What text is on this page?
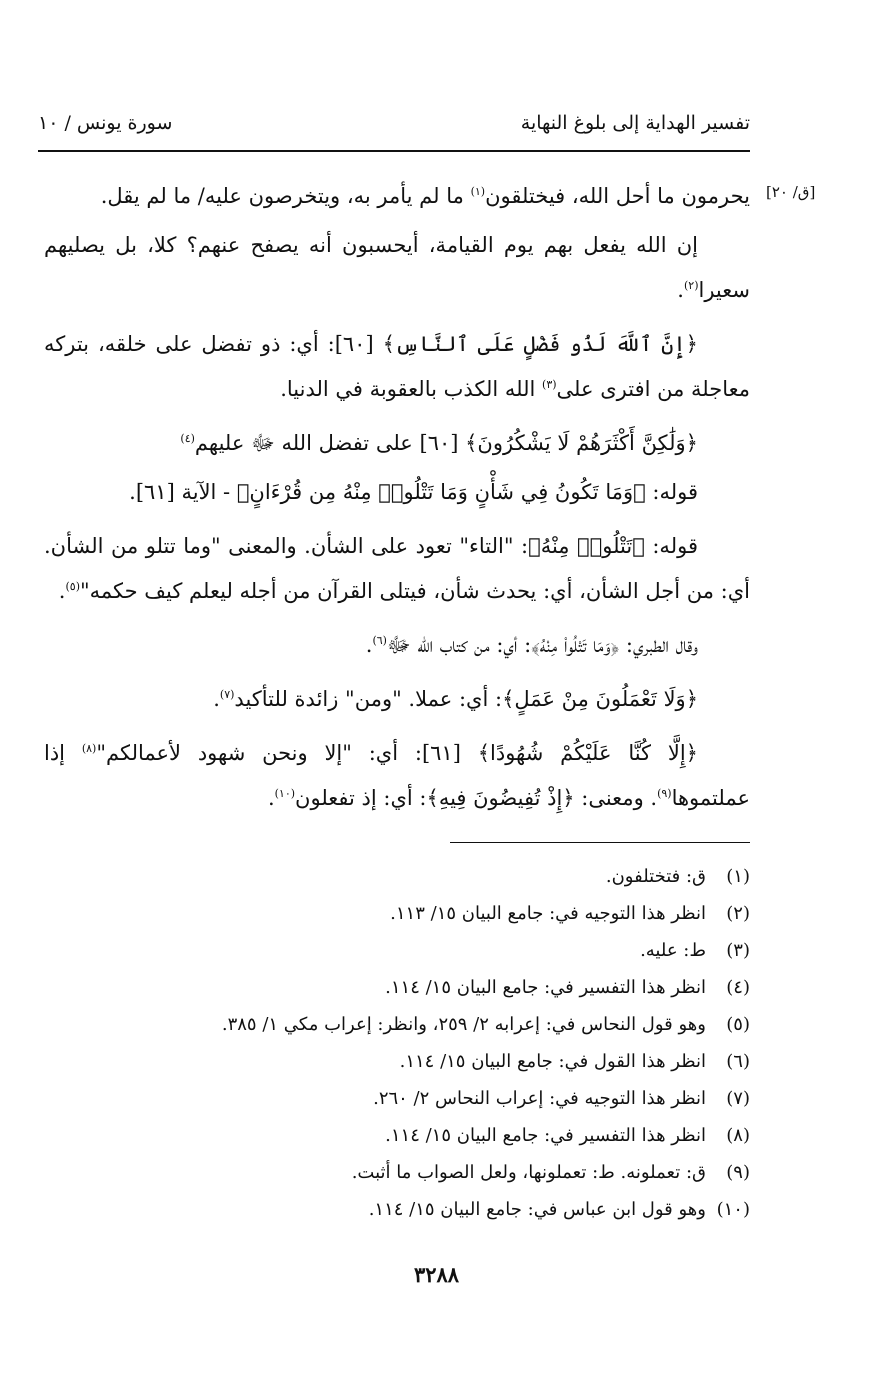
تفسير الهداية إلى بلوغ النهاية
سورة يونس / ١٠
[ق/ ٢٠]

يحرمون ما أحل الله، فيختلقون$^{(١)}$ ما لم يأمر به، ويتخرصون عليه/ ما لم يقل.

إن الله يفعل بهم يوم القيامة، أيحسبون أنه يصفح عنهم؟ كلا، بل يصليهم سعيرا$^{(٢)}$.

﴿إِنَّ ٱللَّهَ لَذُو فَضْلٍ عَلَى ٱلنَّاسِ﴾ [٦٠]: أي: ذو تفضل على خلقه، بتركه معاجلة من افترى على$^{(٣)}$ الله الكذب بالعقوبة في الدنيا.

﴿وَلَٰكِنَّ أَكْثَرَهُمْ لَا يَشْكُرُونَ﴾ [٦٠] على تفضل الله ﷻ عليهم$^{(٤)}$

قوله: ﴿وَمَا تَكُونُ فِي شَأْنٍ وَمَا تَتْلُوا۟ مِنْهُ مِن قُرْءَانٍ﴾ - الآية [٦١].

قوله: ﴿تَتْلُوا۟ مِنْهُ﴾: "التاء" تعود على الشأن. والمعنى "وما تتلو من الشأن. أي: من أجل الشأن، أي: يحدث شأن، فيتلى القرآن من أجله ليعلم كيف حكمه"$^{(٥)}$.

وقال الطبري: ﴿وَمَا تَتْلُوا۟ مِنْهُ﴾: أي: من كتاب الله ﷻ$^{(٦)}$.

﴿وَلَا تَعْمَلُونَ مِنْ عَمَلٍ﴾: أي: عملا. "ومن" زائدة للتأكيد$^{(٧)}$.

﴿إِلَّا كُنَّا عَلَيْكُمْ شُهُودًا﴾ [٦١]: أي: "إلا ونحن شهود لأعمالكم"$^{(٨)}$ إذا عملتموها$^{(٩)}$. ومعنى: ﴿إِذْ تُفِيضُونَ فِيهِ﴾: أي: إذ تفعلون$^{(١٠)}$.

(١)ق: فتختلفون.
(٢)انظر هذا التوجيه في: جامع البيان ١٥/ ١١٣.
(٣)ط: عليه.
(٤)انظر هذا التفسير في: جامع البيان ١٥/ ١١٤.
(٥)وهو قول النحاس في: إعرابه ٢/ ٢٥٩، وانظر: إعراب مكي ١/ ٣٨٥.
(٦)انظر هذا القول في: جامع البيان ١٥/ ١١٤.
(٧)انظر هذا التوجيه في: إعراب النحاس ٢/ ٢٦٠.
(٨)انظر هذا التفسير في: جامع البيان ١٥/ ١١٤.
(٩)ق: تعملونه. ط: تعملونها، ولعل الصواب ما أثبت.
(١٠)وهو قول ابن عباس في: جامع البيان ١٥/ ١١٤.
٣٢٨٨
